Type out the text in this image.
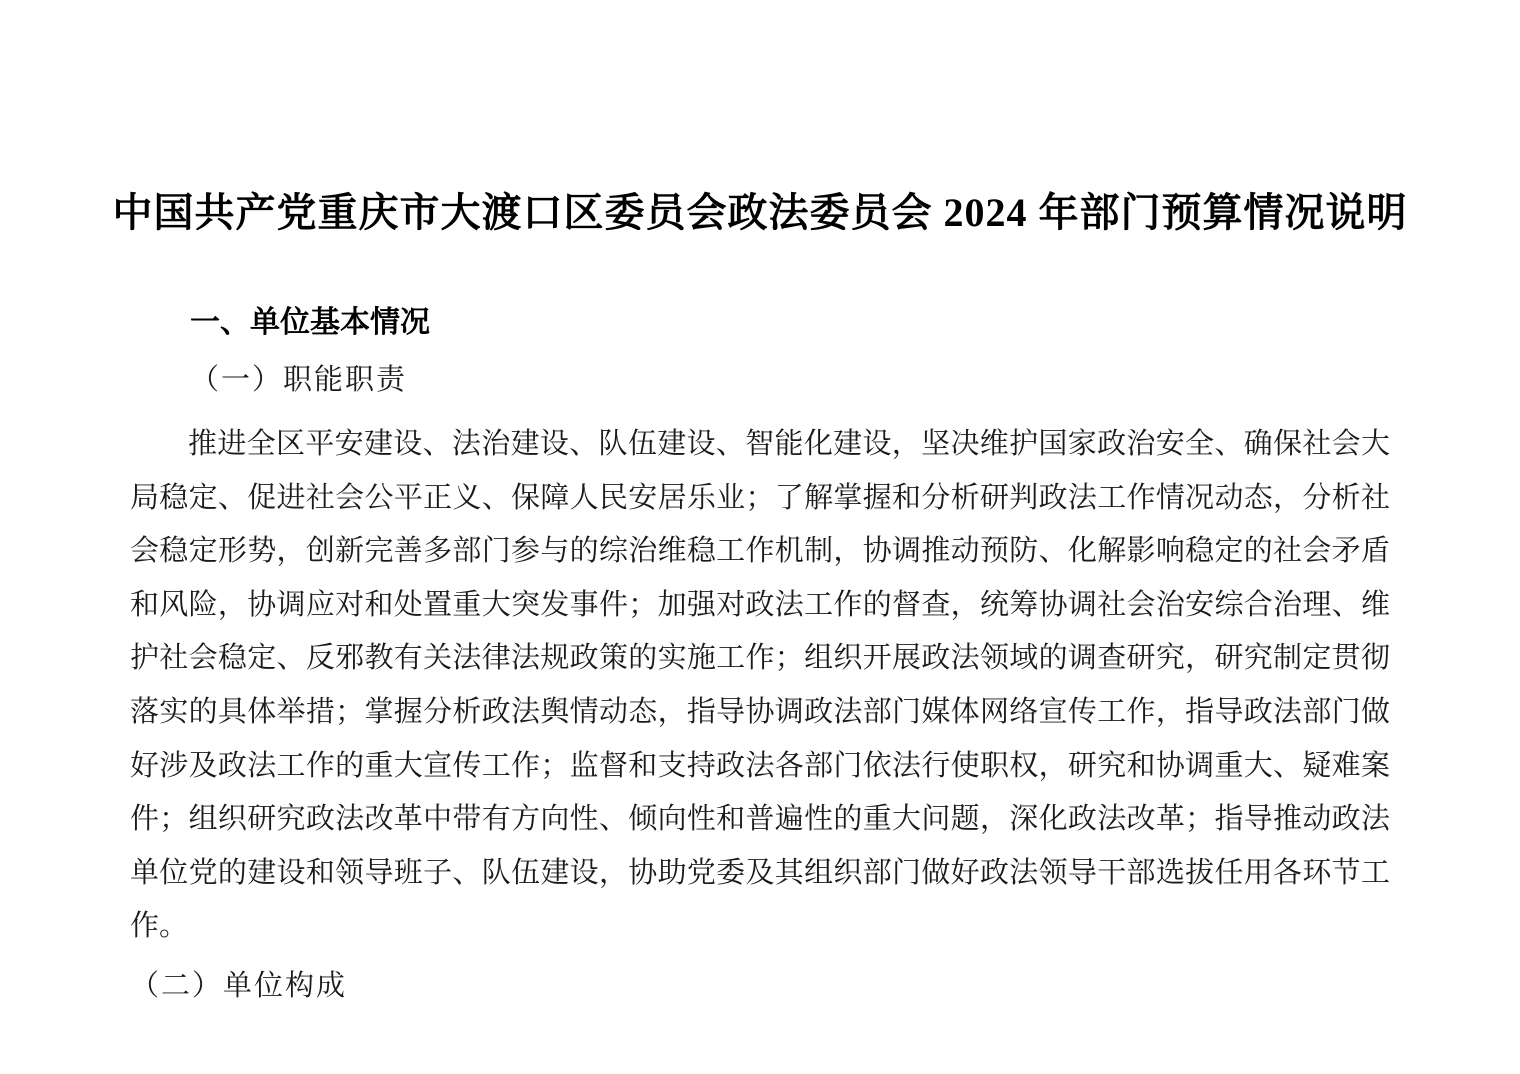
中国共产党重庆市大渡口区委员会政法委员会 2024 年部门预算情况说明
一、单位基本情况
（一）职能职责

推进全区平安建设、法治建设、队伍建设、智能化建设，坚决维护国家政治安全、确保社会大局稳定、促进社会公平正义、保障人民安居乐业；了解掌握和分析研判政法工作情况动态，分析社会稳定形势，创新完善多部门参与的综治维稳工作机制，协调推动预防、化解影响稳定的社会矛盾和风险，协调应对和处置重大突发事件；加强对政法工作的督查，统筹协调社会治安综合治理、维护社会稳定、反邪教有关法律法规政策的实施工作；组织开展政法领域的调查研究，研究制定贯彻落实的具体举措；掌握分析政法舆情动态，指导协调政法部门媒体网络宣传工作，指导政法部门做好涉及政法工作的重大宣传工作；监督和支持政法各部门依法行使职权，研究和协调重大、疑难案件；组织研究政法改革中带有方向性、倾向性和普遍性的重大问题，深化政法改革；指导推动政法单位党的建设和领导班子、队伍建设，协助党委及其组织部门做好政法领导干部选拔任用各环节工作。

（二）单位构成
